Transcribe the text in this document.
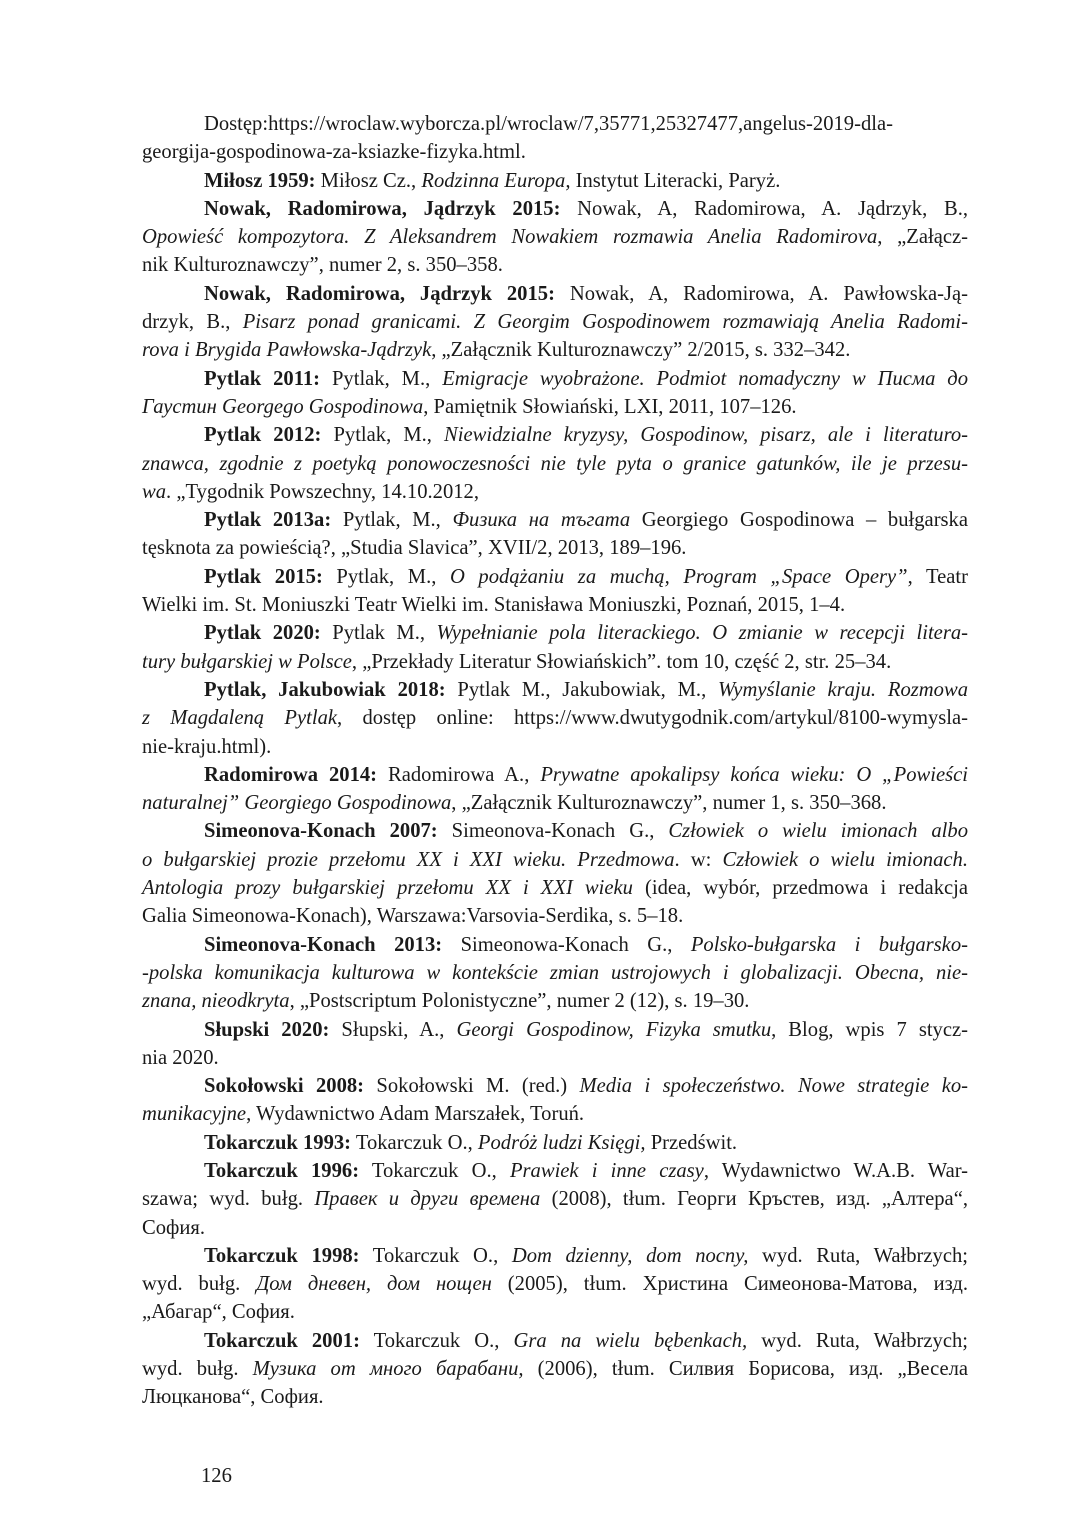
Dostęp:https://wroclaw.wyborcza.pl/wroclaw/7,35771,25327477,angelus-2019-dla-
georgija-gospodinowa-za-ksiazke-fizyka.html.

Miłosz 1959: Miłosz Cz., Rodzinna Europa, Instytut Literacki, Paryż.

Nowak, Radomirowa, Jądrzyk 2015: Nowak, A, Radomirowa, A. Jądrzyk, B.,
Opowieść kompozytora. Z Aleksandrem Nowakiem rozmawia Anelia Radomirova, „Załącz-
nik Kulturoznawczy”, numer 2, s. 350–358.

Nowak, Radomirowa, Jądrzyk 2015: Nowak, A, Radomirowa, A. Pawłowska-Ją-
drzyk, B., Pisarz ponad granicami. Z Georgim Gospodinowem rozmawiają Anelia Radomi-
rova i Brygida Pawłowska-Jądrzyk, „Załącznik Kulturoznawczy” 2/2015, s. 332–342.

Pytlak 2011: Pytlak, M., Emigracje wyobrażone. Podmiot nomadyczny w Писма до
Гаустин Georgego Gospodinowa, Pamiętnik Słowiański, LXI, 2011, 107–126.

Pytlak 2012: Pytlak, M., Niewidzialne kryzysy, Gospodinow, pisarz, ale i literaturo-
znawca, zgodnie z poetyką ponowoczesności nie tyle pyta o granice gatunków, ile je przesu-
wa. „Tygodnik Powszechny, 14.10.2012,

Pytlak 2013a: Pytlak, M., Физика на тъгата Georgiego Gospodinowa – bułgarska
tęsknota za powieścią?, „Studia Slavica”, XVII/2, 2013, 189–196.

Pytlak 2015: Pytlak, M., O podążaniu za muchą, Program „Space Opery”, Teatr
Wielki im. St. Moniuszki Teatr Wielki im. Stanisława Moniuszki, Poznań, 2015, 1–4.

Pytlak 2020: Pytlak M., Wypełnianie pola literackiego. O zmianie w recepcji litera-
tury bułgarskiej w Polsce, „Przekłady Literatur Słowiańskich”. tom 10, część 2, str. 25–34.

Pytlak, Jakubowiak 2018: Pytlak M., Jakubowiak, M., Wymyślanie kraju. Rozmowa
z Magdaleną Pytlak, dostęp online: https://www.dwutygodnik.com/artykul/8100-wymysla-
nie-kraju.html).

Radomirowa 2014: Radomirowa A., Prywatne apokalipsy końca wieku: O „Powieści
naturalnej” Georgiego Gospodinowa, „Załącznik Kulturoznawczy”, numer 1, s. 350–368.

Simeonova-Konach 2007: Simeonova-Konach G., Człowiek o wielu imionach albo
o bułgarskiej prozie przełomu XX i XXI wieku. Przedmowa. w: Człowiek o wielu imionach.
Antologia prozy bułgarskiej przełomu XX i XXI wieku (idea, wybór, przedmowa i redakcja
Galia Simeonowa-Konach), Warszawa:Varsovia-Serdika, s. 5–18.

Simeonova-Konach 2013: Simeonowa-Konach G., Polsko-bułgarska i bułgarsko-
-polska komunikacja kulturowa w kontekście zmian ustrojowych i globalizacji. Obecna, nie-
znana, nieodkryta, „Postscriptum Polonistyczne”, numer 2 (12), s. 19–30.

Słupski 2020: Słupski, A., Georgi Gospodinow, Fizyka smutku, Blog, wpis 7 stycz-
nia 2020.

Sokołowski 2008: Sokołowski M. (red.) Media i społeczeństwo. Nowe strategie ko-
munikacyjne, Wydawnictwo Adam Marszałek, Toruń.

Tokarczuk 1993: Tokarczuk O., Podróż ludzi Księgi, Przedświt.

Tokarczuk 1996: Tokarczuk O., Prawiek i inne czasy, Wydawnictwo W.A.B. War-
szawa; wyd. bułg. Правек и други времена (2008), tłum. Георги Кръстев, изд. „Алтера“,
София.

Tokarczuk 1998: Tokarczuk O., Dom dzienny, dom nocny, wyd. Ruta, Wałbrzych;
wyd. bułg. Дом дневен, дом нощен (2005), tłum. Христина Симеонова-Матова, изд.
„Абагар“, София.

Tokarczuk 2001: Tokarczuk O., Gra na wielu bębenkach, wyd. Ruta, Wałbrzych;
wyd. bułg. Музика от много барабани, (2006), tłum. Силвия Борисова, изд. „Весела
Люцканова“, София.

126
